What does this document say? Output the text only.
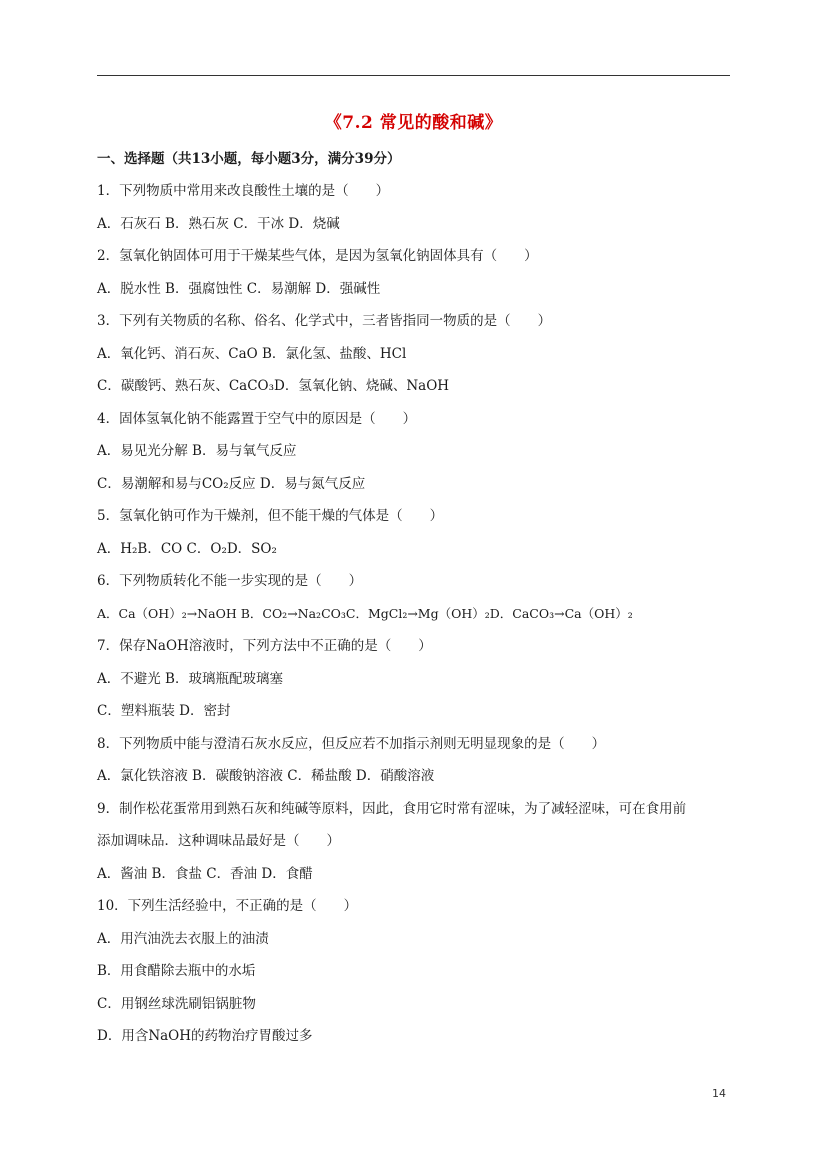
《7.2 常见的酸和碱》
一、选择题（共13小题，每小题3分，满分39分）
1．下列物质中常用来改良酸性土壤的是（　　）
A．石灰石 B．熟石灰 C．干冰 D．烧碱
2．氢氧化钠固体可用于干燥某些气体，是因为氢氧化钠固体具有（　　）
A．脱水性 B．强腐蚀性 C．易潮解 D．强碱性
3．下列有关物质的名称、俗名、化学式中，三者皆指同一物质的是（　　）
A．氧化钙、消石灰、CaO B．氯化氢、盐酸、HCl
C．碳酸钙、熟石灰、CaCO₃D．氢氧化钠、烧碱、NaOH
4．固体氢氧化钠不能露置于空气中的原因是（　　）
A．易见光分解 B．易与氧气反应
C．易潮解和易与CO₂反应 D．易与氮气反应
5．氢氧化钠可作为干燥剂，但不能干燥的气体是（　　）
A．H₂B．CO C．O₂D．SO₂
6．下列物质转化不能一步实现的是（　　）
A．Ca（OH）₂→NaOH B．CO₂→Na₂CO₃C．MgCl₂→Mg（OH）₂D．CaCO₃→Ca（OH）₂
7．保存NaOH溶液时，下列方法中不正确的是（　　）
A．不避光 B．玻璃瓶配玻璃塞
C．塑料瓶装 D．密封
8．下列物质中能与澄清石灰水反应，但反应若不加指示剂则无明显现象的是（　　）
A．氯化铁溶液 B．碳酸钠溶液 C．稀盐酸 D．硝酸溶液
9．制作松花蛋常用到熟石灰和纯碱等原料，因此，食用它时常有涩味，为了减轻涩味，可在食用前
添加调味品．这种调味品最好是（　　）
A．酱油 B．食盐 C．香油 D．食醋
10．下列生活经验中，不正确的是（　　）
A．用汽油洗去衣服上的油渍
B．用食醋除去瓶中的水垢
C．用钢丝球洗刷铝锅脏物
D．用含NaOH的药物治疗胃酸过多
14
